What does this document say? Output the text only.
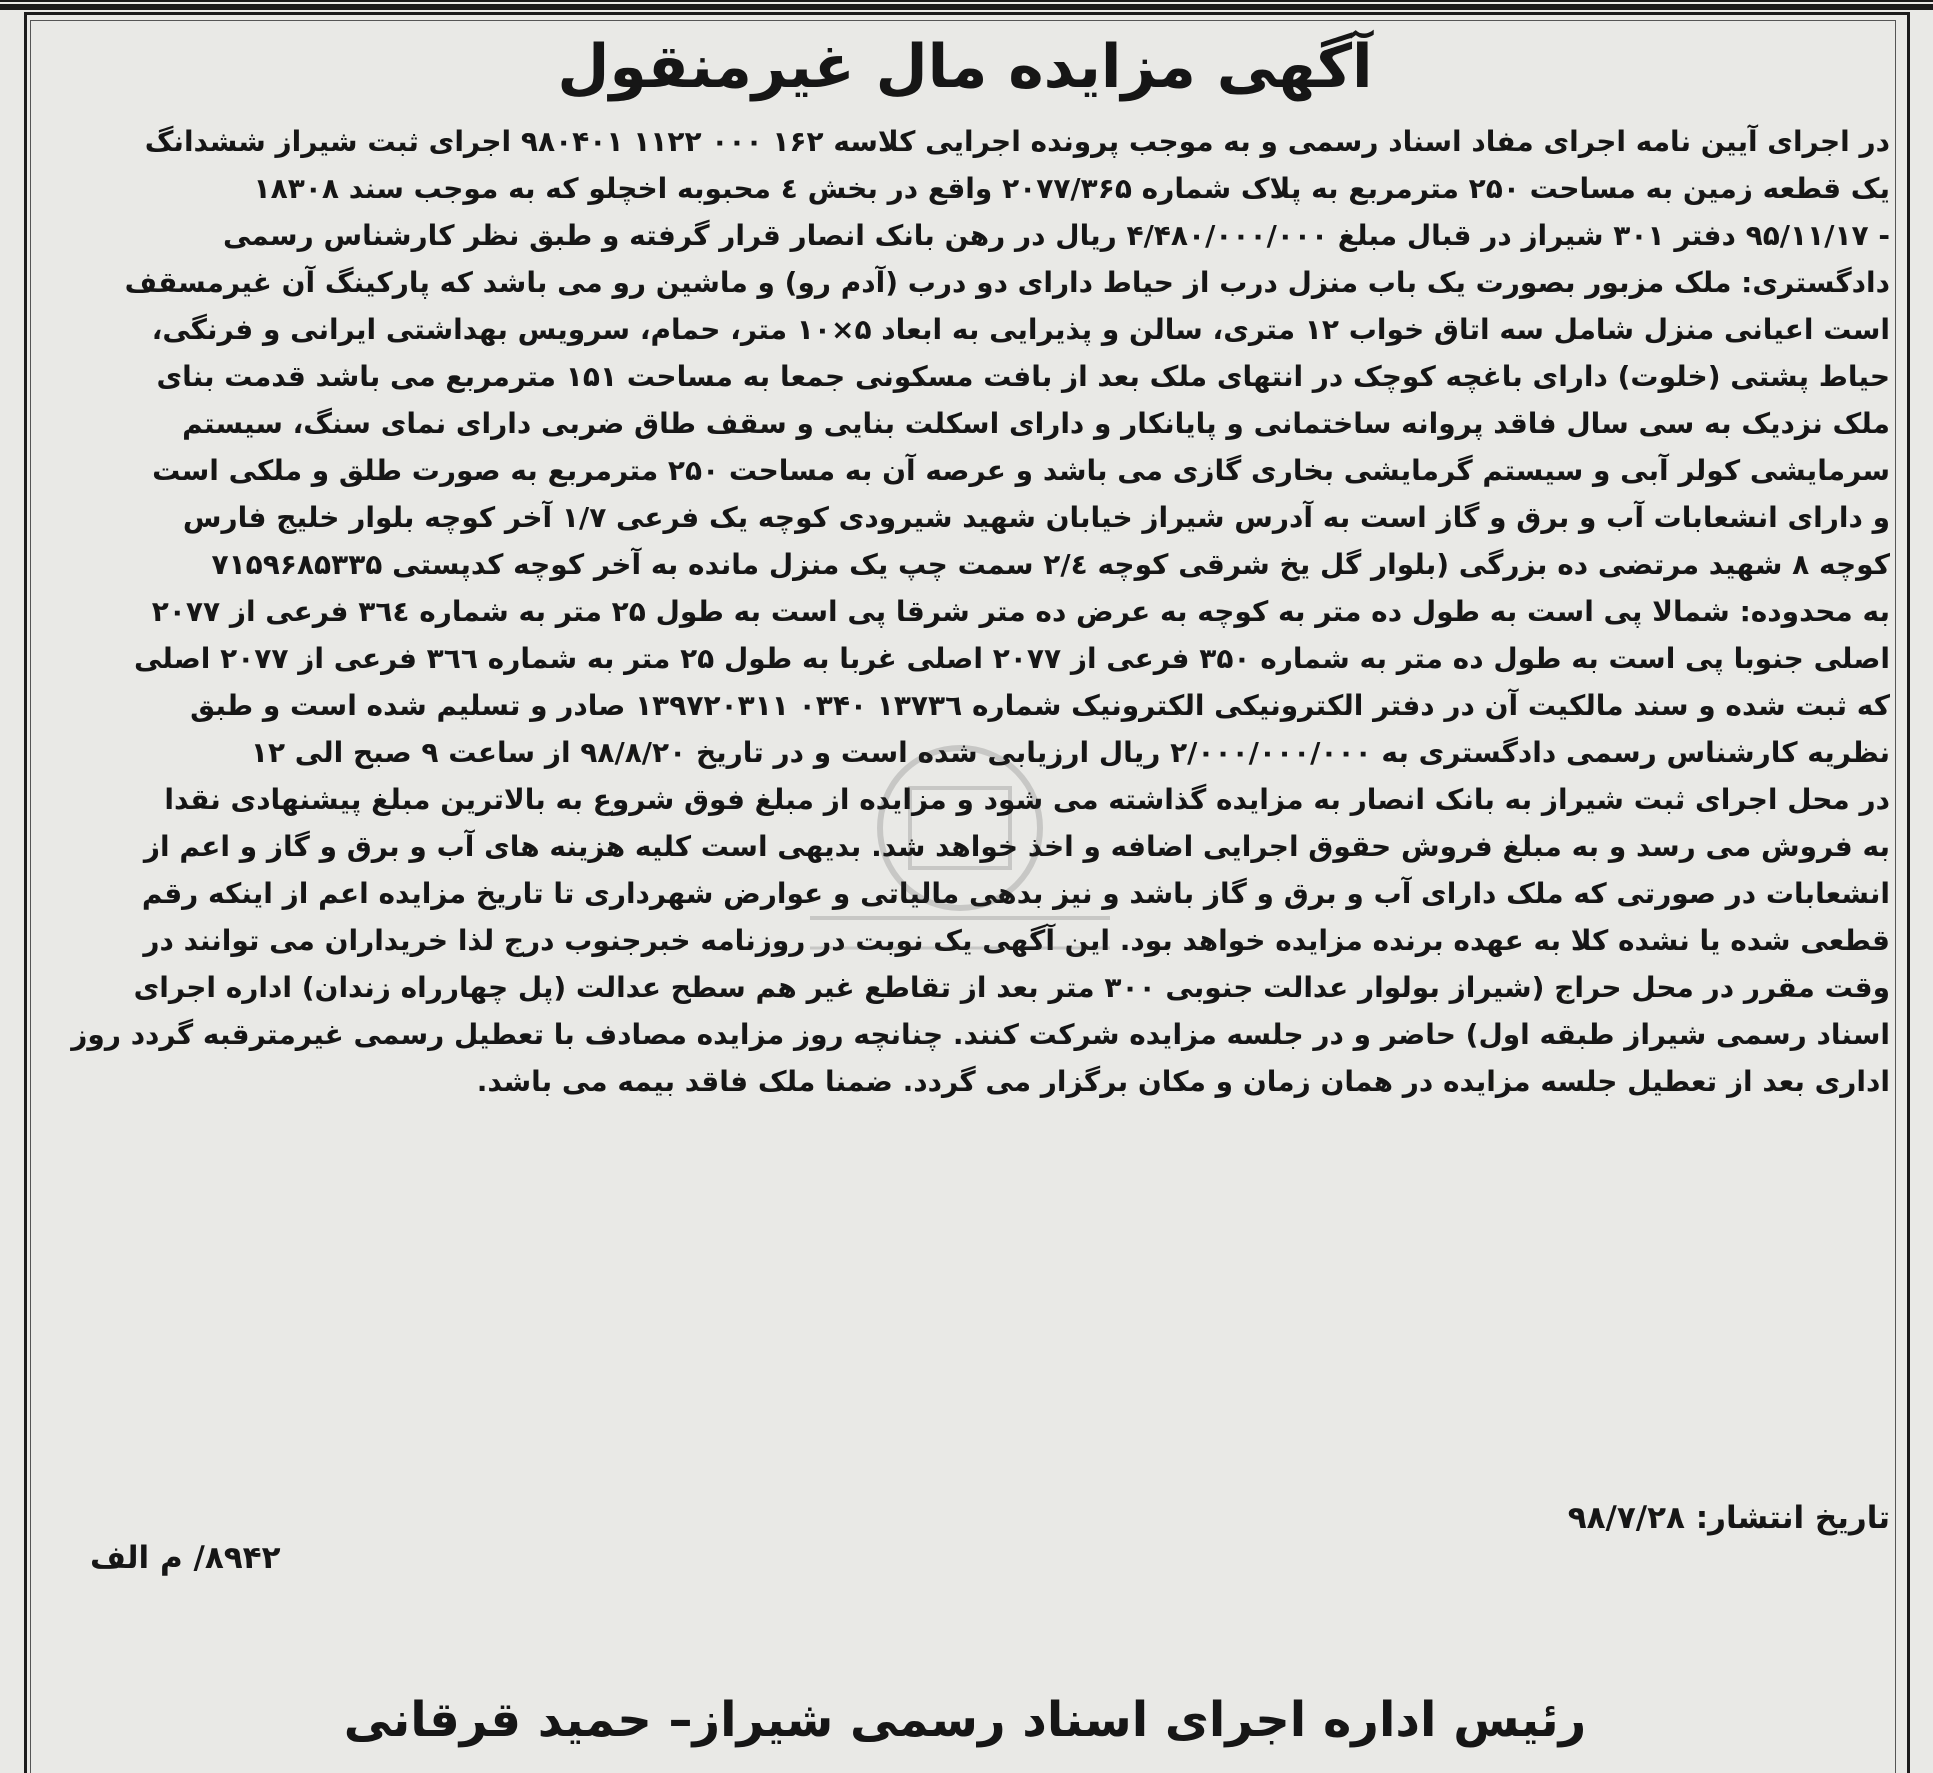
آگهی مزایده مال غیرمنقول
در اجرای آیین نامه اجرای مفاد اسناد رسمی و به موجب پرونده اجرایی کلاسه ۱۶۲ ۰۰۰ ۱۱۲۲ ۹۸۰۴۰۱ اجرای ثبت شیراز ششدانگ
یک قطعه زمین به مساحت ۲۵۰ مترمربع به پلاک شماره ۲۰۷۷/۳۶۵ واقع در بخش ٤ محبوبه اخچلو که به موجب سند ۱۸۳۰۸
- ۹۵/۱۱/۱۷ دفتر ۳۰۱ شیراز در قبال مبلغ ۴/۴۸۰/۰۰۰/۰۰۰ ریال در رهن بانک انصار قرار گرفته و طبق نظر کارشناس رسمی
دادگستری: ملک مزبور بصورت یک باب منزل درب از حیاط دارای دو درب (آدم رو) و ماشین رو می باشد که پارکینگ آن غیرمسقف
است اعیانی منزل شامل سه اتاق خواب ۱۲ متری، سالن و پذیرایی به ابعاد ۵×۱۰ متر، حمام، سرویس بهداشتی ایرانی و فرنگی،
حیاط پشتی (خلوت) دارای باغچه کوچک در انتهای ملک بعد از بافت مسکونی جمعا به مساحت ۱۵۱ مترمربع می باشد قدمت بنای
ملک نزدیک به سی سال فاقد پروانه ساختمانی و پایانکار و دارای اسکلت بنایی و سقف طاق ضربی دارای نمای سنگ، سیستم
سرمایشی کولر آبی و سیستم گرمایشی بخاری گازی می باشد و عرصه آن به مساحت ۲۵۰ مترمربع به صورت طلق و ملکی است
و دارای انشعابات آب و برق و گاز است به آدرس شیراز خیابان شهید شیرودی کوچه یک فرعی ۱/۷ آخر کوچه بلوار خلیج فارس
کوچه ۸ شهید مرتضی ده بزرگی (بلوار گل یخ شرقی کوچه ۲/٤ سمت چپ یک منزل مانده به آخر کوچه کدپستی ۷۱۵۹۶۸۵۳۳۵
به محدوده: شمالا پی است به طول ده متر به کوچه به عرض ده متر شرقا پی است به طول ۲۵ متر به شماره ۳٦٤ فرعی از ۲۰۷۷
اصلی جنوبا پی است به طول ده متر به شماره ۳۵۰ فرعی از ۲۰۷۷ اصلی غربا به طول ۲۵ متر به شماره ۳٦٦ فرعی از ۲۰۷۷ اصلی
که ثبت شده و سند مالکیت آن در دفتر الکترونیکی الکترونیک شماره ۱۳۷۳٦ ۰۳۴۰ ۱۳۹۷۲۰۳۱۱ صادر و تسلیم شده است و طبق
نظریه کارشناس رسمی دادگستری به ۲/۰۰۰/۰۰۰/۰۰۰ ریال ارزیابی شده است و در تاریخ ۹۸/۸/۲۰ از ساعت ۹ صبح الی ۱۲
در محل اجرای ثبت شیراز به بانک انصار به مزایده گذاشته می شود و مزایده از مبلغ فوق شروع به بالاترین مبلغ پیشنهادی نقدا
به فروش می رسد و به مبلغ فروش حقوق اجرایی اضافه و اخذ خواهد شد. بدیهی است کلیه هزینه های آب و برق و گاز و اعم از
انشعابات در صورتی که ملک دارای آب و برق و گاز باشد و نیز بدهی مالیاتی و عوارض شهرداری تا تاریخ مزایده اعم از اینکه رقم
قطعی شده یا نشده کلا به عهده برنده مزایده خواهد بود. این آگهی یک نوبت در روزنامه خبرجنوب درج لذا خریداران می توانند در
وقت مقرر در محل حراج (شیراز بولوار عدالت جنوبی ۳۰۰ متر بعد از تقاطع غیر هم سطح عدالت (پل چهارراه زندان) اداره اجرای
اسناد رسمی شیراز طبقه اول) حاضر و در جلسه مزایده شرکت کنند. چنانچه روز مزایده مصادف با تعطیل رسمی غیرمترقبه گردد روز
اداری بعد از تعطیل جلسه مزایده در همان زمان و مکان برگزار می گردد. ضمنا ملک فاقد بیمه می باشد.
تاریخ انتشار: ۹۸/۷/۲۸
۸۹۴۲/ م الف
رئیس اداره اجرای اسناد رسمی شیراز– حمید قرقانی
